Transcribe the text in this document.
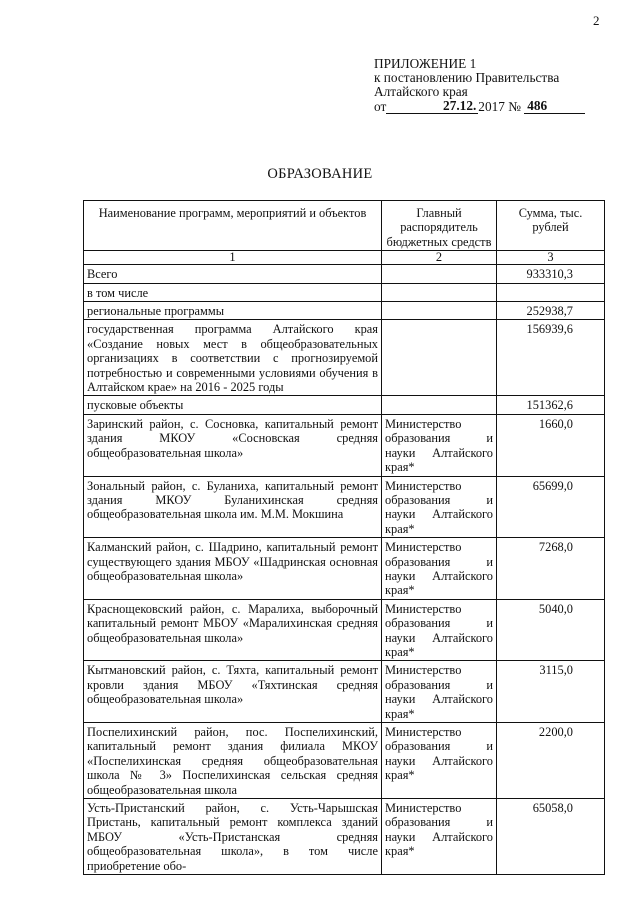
2
ПРИЛОЖЕНИЕ 1
к постановлению Правительства
Алтайского края
от	27.12. 2017 №
486
ОБРАЗОВАНИЕ
Наименование программ, мероприятий и объектов	Главный распорядитель бюджетных средств	Сумма, тыс. рублей
1	2	3
Всего		933310,3
в том числе		
региональные программы		252938,7
государственная программа Алтайского края «Создание новых мест в общеобразовательных организациях в соответствии с прогнозируемой потребностью и современными условиями обучения в Алтайском крае» на 2016 - 2025 годы		156939,6
пусковые объекты		151362,6
Заринский район, с. Сосновка, капитальный ремонт здания МКОУ «Сосновская средняя общеобразовательная школа»	Министерство образования и науки Алтайского края*	1660,0
Зональный район, с. Буланиха, капитальный ремонт здания МКОУ Буланихинская средняя общеобразовательная школа им. М.М. Мокшина	Министерство образования и науки Алтайского края*	65699,0
Калманский район, с. Шадрино, капитальный ремонт существующего здания МБОУ «Шадринская основная общеобразовательная школа»	Министерство образования и науки Алтайского края*	7268,0
Краснощековский район, с. Маралиха, выборочный капитальный ремонт МБОУ «Маралихинская средняя общеобразовательная школа»	Министерство образования и науки Алтайского края*	5040,0
Кытмановский район, с. Тяхта, капитальный ремонт кровли здания МБОУ «Тяхтинская средняя общеобразовательная школа»	Министерство образования и науки Алтайского края*	3115,0
Поспелихинский район, пос. Поспелихинский, капитальный ремонт здания филиала МКОУ «Поспелихинская средняя общеобразовательная школа № 3» Поспелихинская сельская средняя общеобразовательная школа	Министерство образования и науки Алтайского края*	2200,0
Усть-Пристанский район, с. Усть-Чарышская Пристань, капитальный ремонт комплекса зданий МБОУ «Усть-Пристанская средняя общеобразовательная школа», в том числе приобретение обо-	Министерство образования и науки Алтайского края*	65058,0
